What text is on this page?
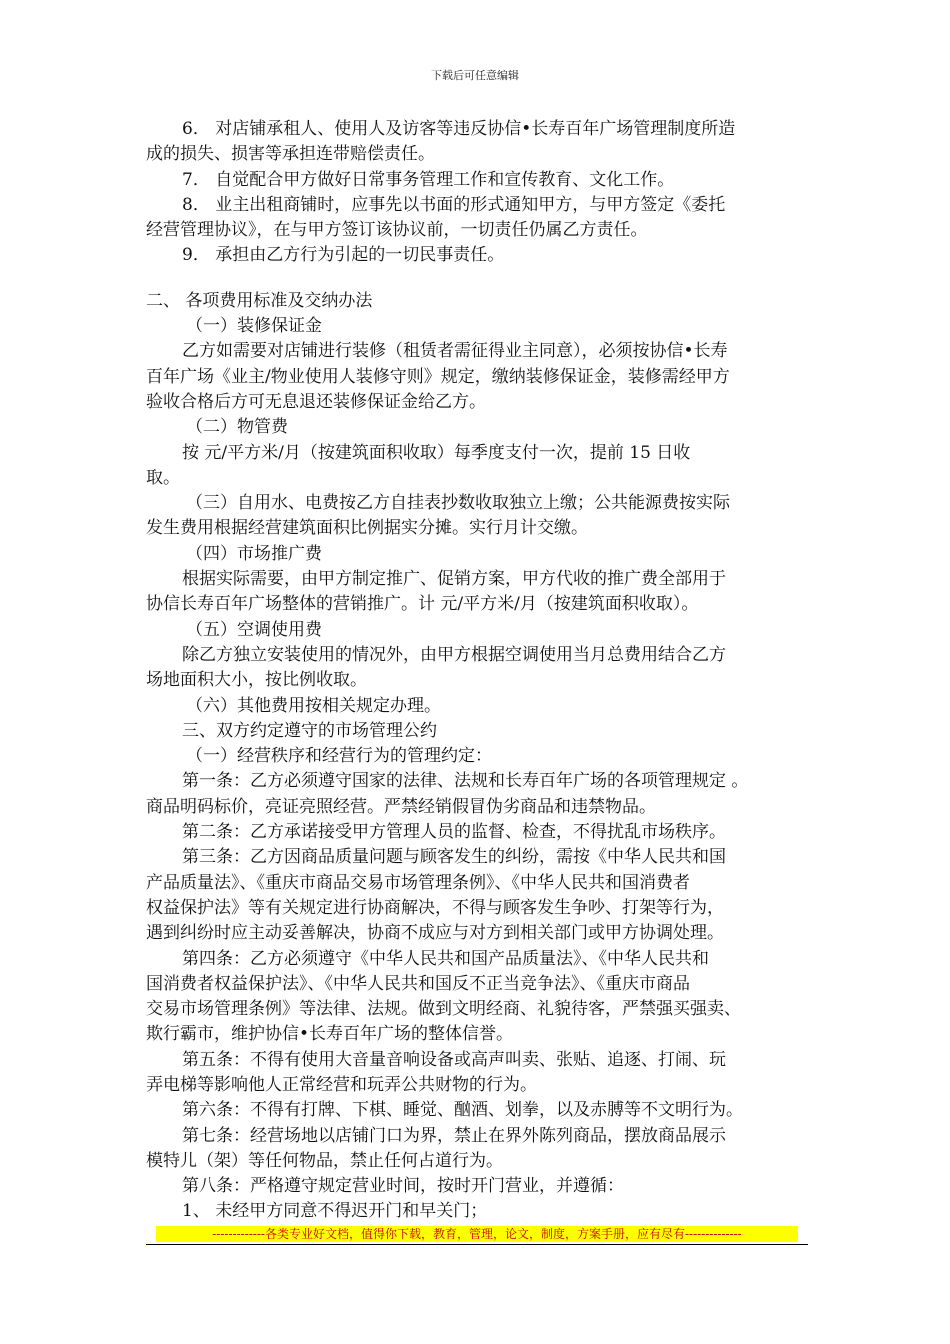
下载后可任意编辑
6． 对店铺承租人、使用人及访客等违反协信•长寿百年广场管理制度所造
成的损失、损害等承担连带赔偿责任。
7． 自觉配合甲方做好日常事务管理工作和宣传教育、文化工作。
8． 业主出租商铺时，应事先以书面的形式通知甲方，与甲方签定《委托
经营管理协议》，在与甲方签订该协议前，一切责任仍属乙方责任。
9． 承担由乙方行为引起的一切民事责任。
二、 各项费用标准及交纳办法
（一）装修保证金
乙方如需要对店铺进行装修（租赁者需征得业主同意），必须按协信•长寿
百年广场《业主/物业使用人装修守则》规定，缴纳装修保证金，装修需经甲方
验收合格后方可无息退还装修保证金给乙方。
（二）物管费
按 元/平方米/月（按建筑面积收取）每季度支付一次，提前 15 日收
取。
（三）自用水、电费按乙方自挂表抄数收取独立上缴；公共能源费按实际
发生费用根据经营建筑面积比例据实分摊。实行月计交缴。
（四）市场推广费
根据实际需要，由甲方制定推广、促销方案，甲方代收的推广费全部用于
协信长寿百年广场整体的营销推广。计 元/平方米/月（按建筑面积收取）。
（五）空调使用费
除乙方独立安装使用的情况外，由甲方根据空调使用当月总费用结合乙方
场地面积大小，按比例收取。
（六）其他费用按相关规定办理。
三、双方约定遵守的市场管理公约
（一）经营秩序和经营行为的管理约定：
第一条：乙方必须遵守国家的法律、法规和长寿百年广场的各项管理规定 。
商品明码标价，亮证亮照经营。严禁经销假冒伪劣商品和违禁物品。
第二条：乙方承诺接受甲方管理人员的监督、检查，不得扰乱市场秩序。
第三条：乙方因商品质量问题与顾客发生的纠纷，需按《中华人民共和国
产品质量法》、《重庆市商品交易市场管理条例》、《中华人民共和国消费者
权益保护法》等有关规定进行协商解决，不得与顾客发生争吵、打架等行为，
遇到纠纷时应主动妥善解决，协商不成应与对方到相关部门或甲方协调处理。
第四条：乙方必须遵守《中华人民共和国产品质量法》、《中华人民共和
国消费者权益保护法》、《中华人民共和国反不正当竞争法》、《重庆市商品
交易市场管理条例》等法律、法规。做到文明经商、礼貌待客，严禁强买强卖、
欺行霸市，维护协信•长寿百年广场的整体信誉。
第五条：不得有使用大音量音响设备或高声叫卖、张贴、追逐、打闹、玩
弄电梯等影响他人正常经营和玩弄公共财物的行为。
第六条：不得有打牌、下棋、睡觉、酗酒、划拳，以及赤膊等不文明行为。
第七条：经营场地以店铺门口为界，禁止在界外陈列商品，摆放商品展示
模特儿（架）等任何物品，禁止任何占道行为。
第八条：严格遵守规定营业时间，按时开门营业，并遵循：
1、 未经甲方同意不得迟开门和早关门；
-------------各类专业好文档，值得你下载，教育，管理，论文，制度，方案手册，应有尽有--------------
